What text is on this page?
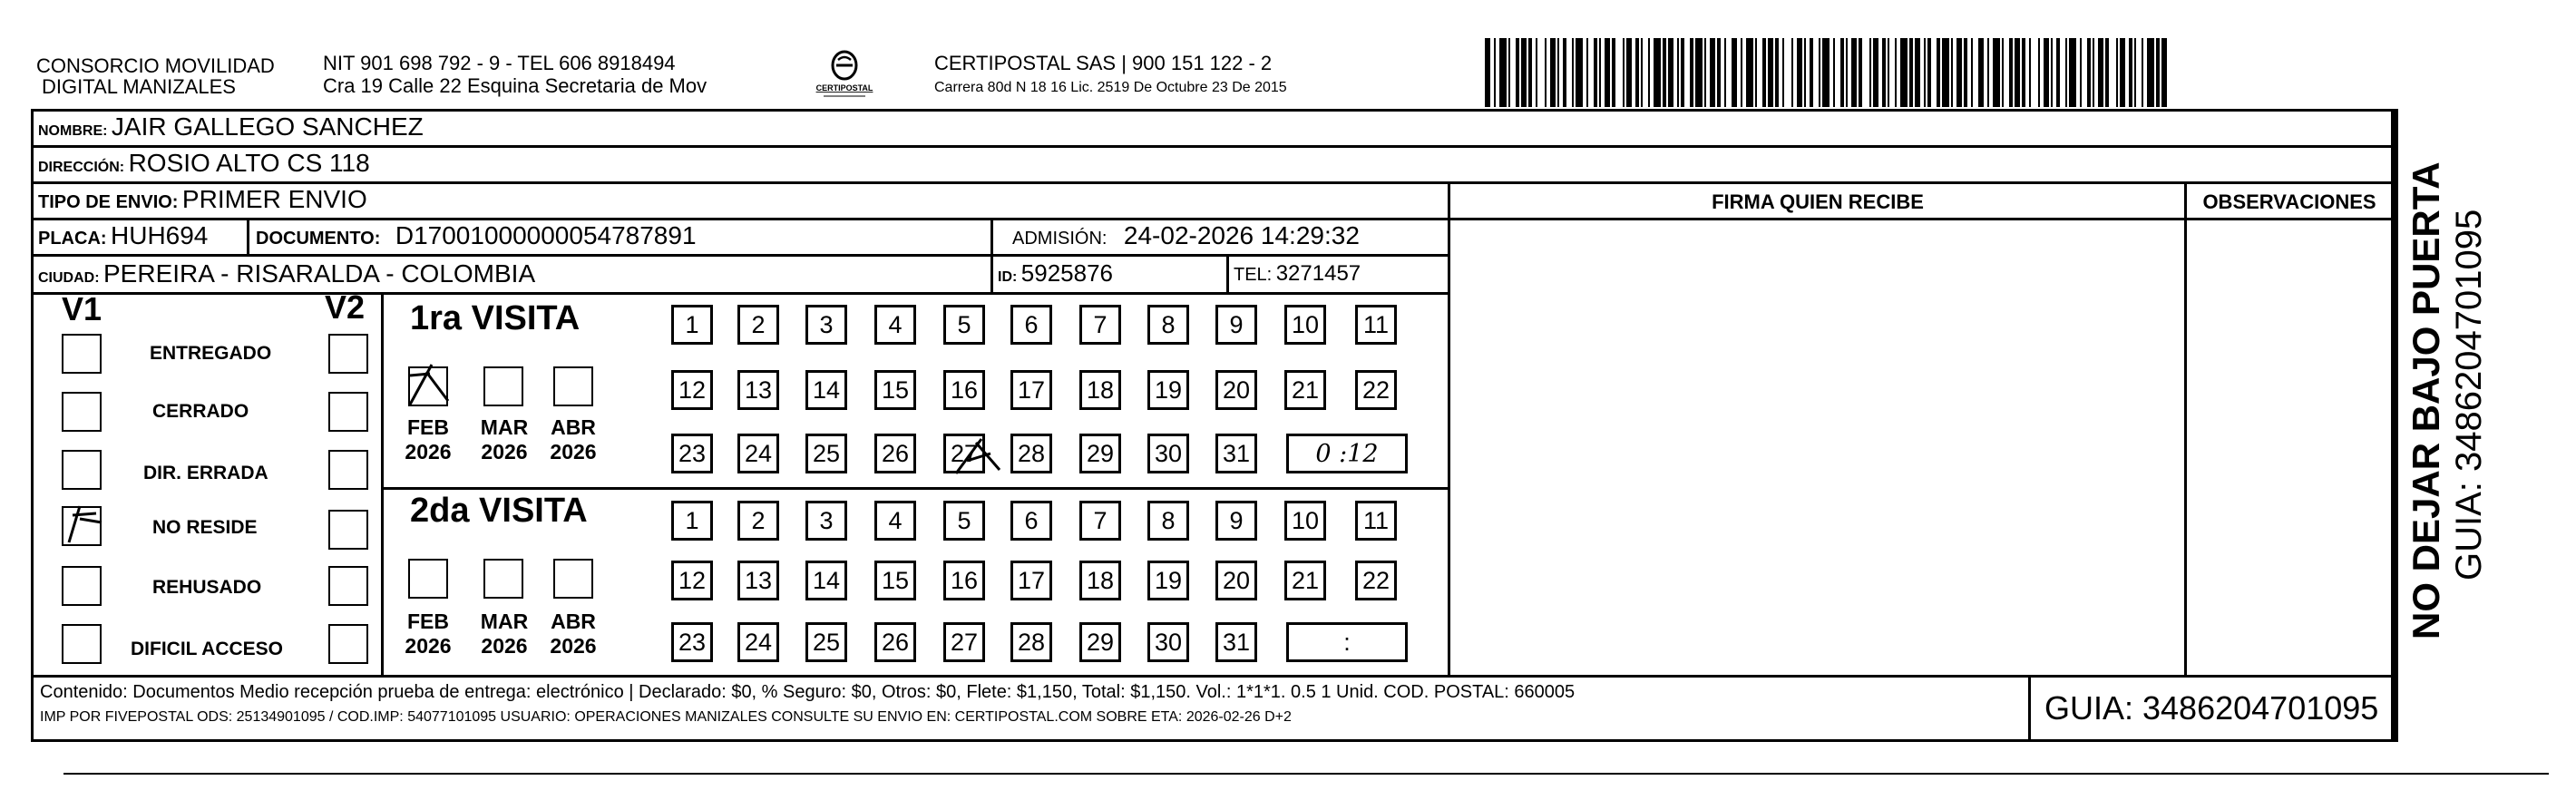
CONSORCIO MOVILIDAD
DIGITAL MANIZALES
NIT 901 698 792 - 9 - TEL 606 8918494
Cra 19 Calle 22 Esquina Secretaria de Mov	CERTIPOSTAL
CERTIPOSTAL SAS | 900 151 122 - 2
Carrera 80d N 18 16 Lic. 2519 De Octubre 23 De 2015
NOMBRE: JAIR GALLEGO SANCHEZ
DIRECCIÓN: ROSIO ALTO CS 118
TIPO DE ENVIO: PRIMER ENVIO
PLACA: HUH694	DOCUMENTO: D17001000000054787891	ADMISIÓN: 24-02-2026 14:29:32
CIUDAD: PEREIRA - RISARALDA - COLOMBIA	ID: 5925876	TEL: 3271457
FIRMA QUIEN RECIBE	OBSERVACIONES
V1	V2
ENTREGADO
CERRADO
DIR. ERRADA
NO RESIDE
REHUSADO
DIFICIL ACCESO
1ra VISITA
FEB
2026
MAR
2026
ABR
2026
1	2	3	4	5	6	7	8	9	10	11
12 13 14 15 16 17 18 19 20 21 22
23 24 25 26 27 28 29 30 31	0 :12
2da VISITA
FEB
2026
MAR
2026
ABR
2026
1	2	3	4	5	6	7	8	9	10	11
12 13 14 15 16 17 18 19 20 21 22
23 24 25 26 27 28 29 30 31	:
Contenido: Documentos Medio recepción prueba de entrega: electrónico | Declarado: $0, % Seguro: $0, Otros: $0, Flete: $1,150, Total: $1,150. Vol.: 1*1*1. 0.5 1 Unid. COD. POSTAL: 660005
IMP POR FIVEPOSTAL ODS: 25134901095 / COD.IMP: 54077101095 USUARIO: OPERACIONES MANIZALES CONSULTE SU ENVIO EN: CERTIPOSTAL.COM SOBRE ETA: 2026-02-26 D+2	GUIA: 3486204701095
NO DEJAR BAJO PUERTA GUIA: 3486204701095
